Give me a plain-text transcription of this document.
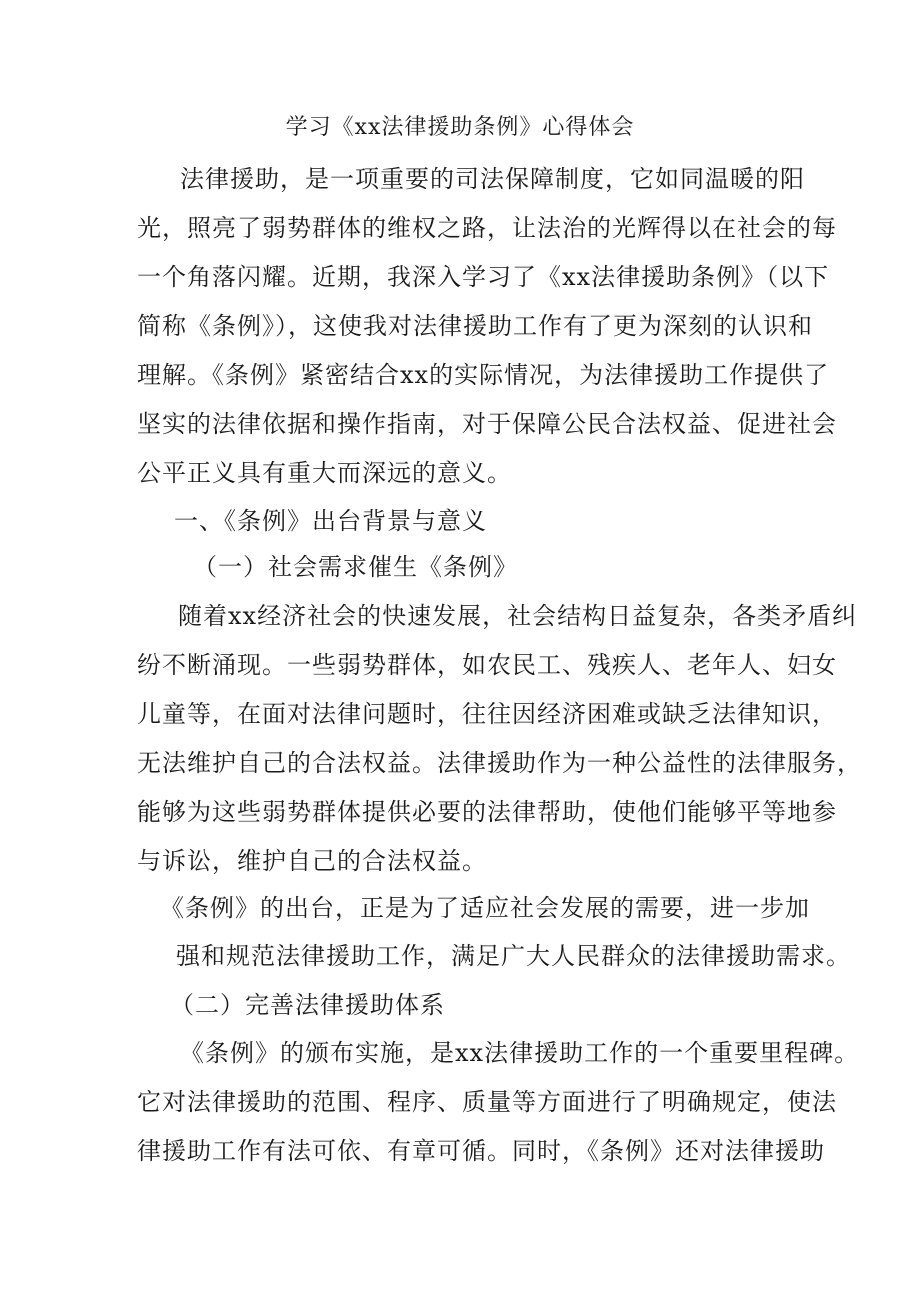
学习《xx法律援助条例》心得体会
法律援助，是一项重要的司法保障制度，它如同温暖的阳
光，照亮了弱势群体的维权之路，让法治的光辉得以在社会的每
一个角落闪耀。近期，我深入学习了《xx法律援助条例》（以下
简称《条例》），这使我对法律援助工作有了更为深刻的认识和
理解。《条例》紧密结合xx的实际情况，为法律援助工作提供了
坚实的法律依据和操作指南，对于保障公民合法权益、促进社会
公平正义具有重大而深远的意义。
一、《条例》出台背景与意义
（一）社会需求催生《条例》
随着xx经济社会的快速发展，社会结构日益复杂，各类矛盾纠
纷不断涌现。一些弱势群体，如农民工、残疾人、老年人、妇女
儿童等，在面对法律问题时，往往因经济困难或缺乏法律知识，
无法维护自己的合法权益。法律援助作为一种公益性的法律服务，
能够为这些弱势群体提供必要的法律帮助，使他们能够平等地参
与诉讼，维护自己的合法权益。
《条例》的出台，正是为了适应社会发展的需要，进一步加
强和规范法律援助工作，满足广大人民群众的法律援助需求。
（二）完善法律援助体系
《条例》的颁布实施，是xx法律援助工作的一个重要里程碑。
它对法律援助的范围、程序、质量等方面进行了明确规定，使法
律援助工作有法可依、有章可循。同时，《条例》还对法律援助
